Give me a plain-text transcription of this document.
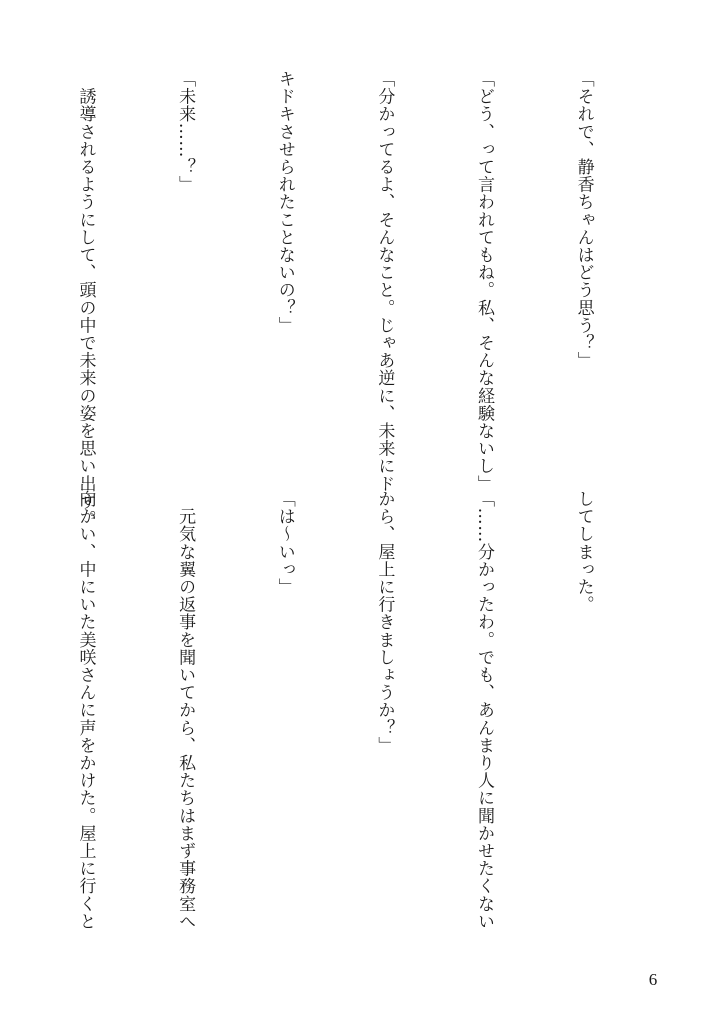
「それで、静香ちゃんはどう思う？」

「どう、って言われてもね。私、そんな経験ないし」

「分かってるよ、そんなこと。じゃあ逆に、未来にド

キドキさせられたことないの？」

「未来……？」

　誘導されるようにして、頭の中で未来の姿を思い出す。

してしまった。

「……分かったわ。でも、あんまり人に聞かせたくない

から、屋上に行きましょうか？」

「は～いっ」

　元気な翼の返事を聞いてから、私たちはまず事務室へ

向かい、中にいた美咲さんに声をかけた。屋上に行くと

6
